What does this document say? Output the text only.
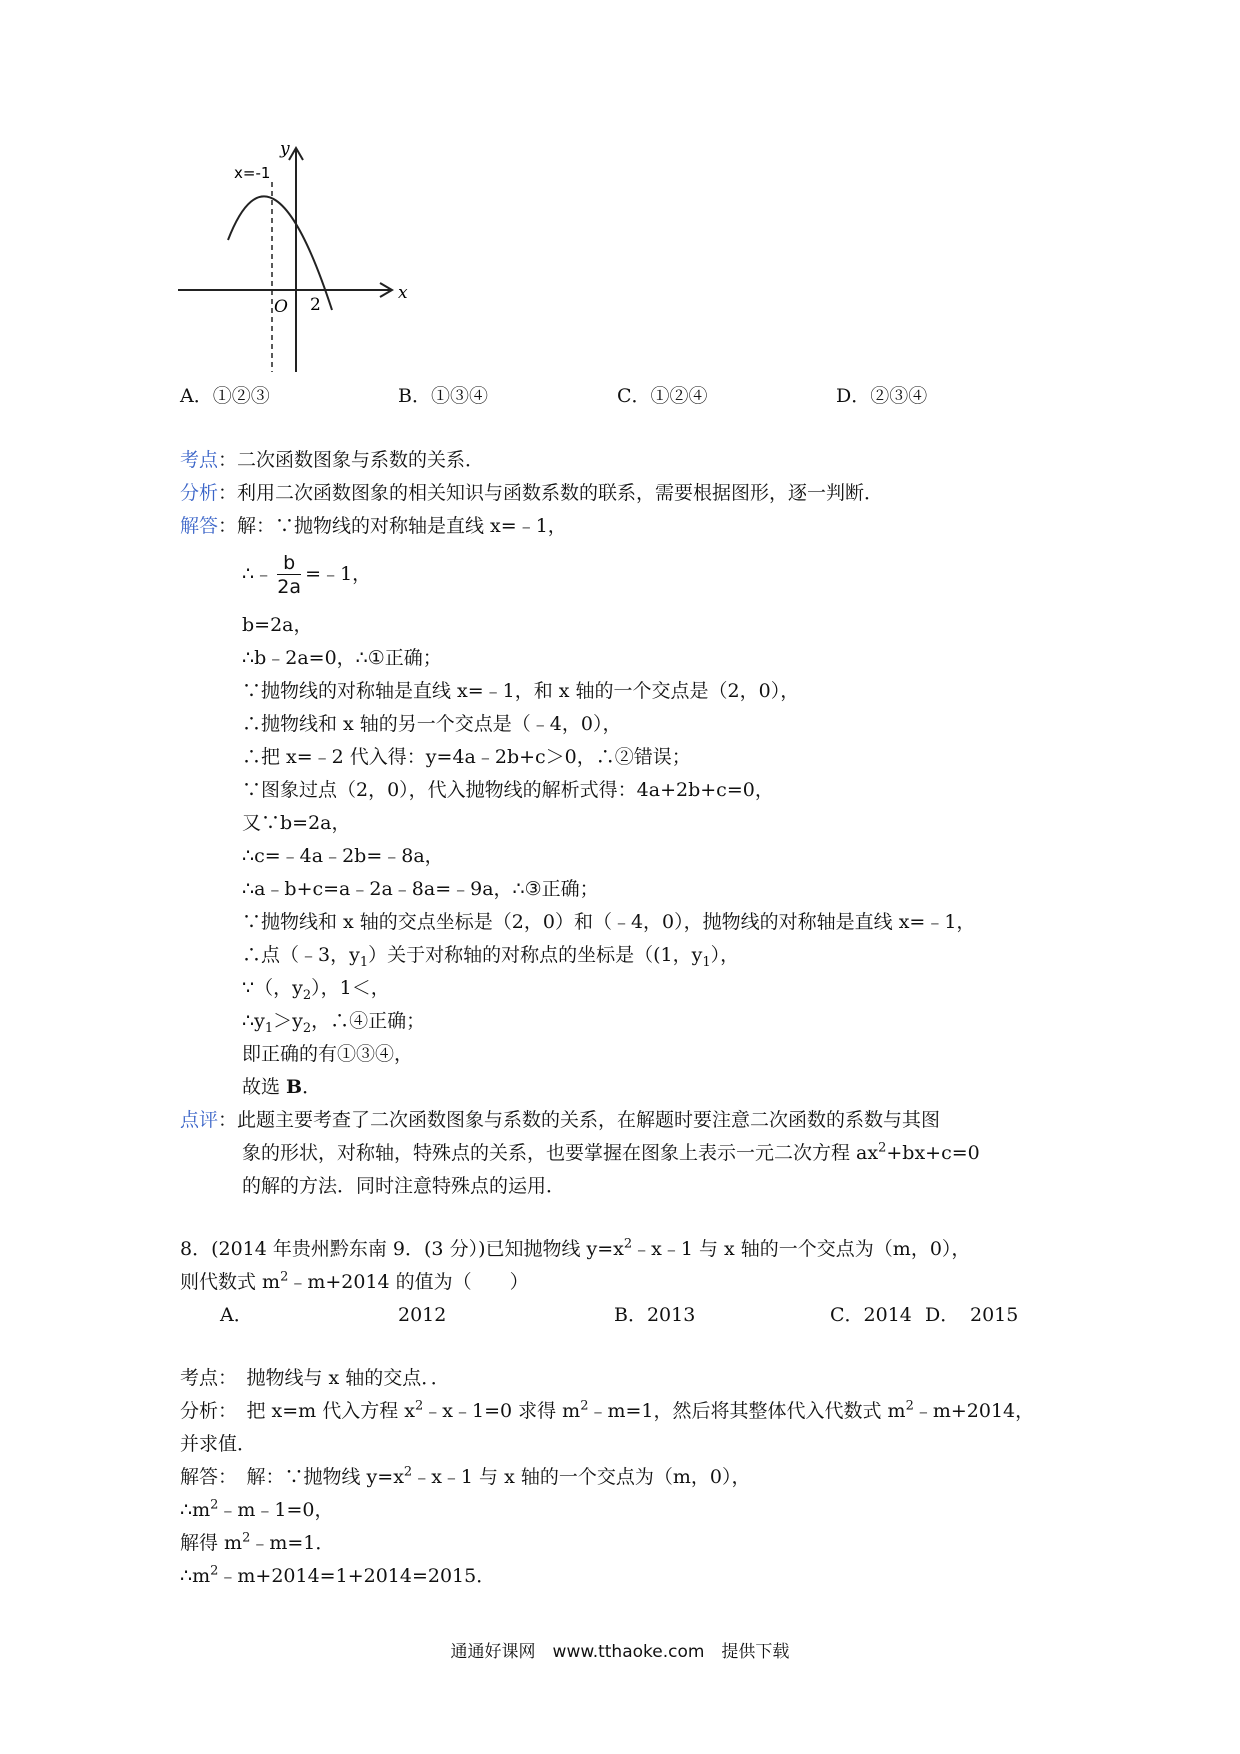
y
x
O 2
x=-1
A．①②③	B．①③④	C．①②④	D．②③④
考点：二次函数图象与系数的关系．
分析：利用二次函数图象的相关知识与函数系数的联系，需要根据图形，逐一判断．
解答：解：∵抛物线的对称轴是直线 x=﹣1，
∴﹣ $\frac{b}{2a}$ =﹣1，
b=2a，
∴b﹣2a=0，∴①正确；
∵抛物线的对称轴是直线 x=﹣1，和 x 轴的一个交点是（2，0），
∴抛物线和 x 轴的另一个交点是（﹣4，0），
∴把 x=﹣2 代入得：y=4a﹣2b+c＞0，∴②错误；
∵图象过点（2，0），代入抛物线的解析式得：4a+2b+c=0，
又∵b=2a，
∴c=﹣4a﹣2b=﹣8a，
∴a﹣b+c=a﹣2a﹣8a=﹣9a，∴③正确；
∵抛物线和 x 轴的交点坐标是（2，0）和（﹣4，0），抛物线的对称轴是直线 x=﹣1，
∴点（﹣3，$y_1$）关于对称轴的对称点的坐标是（(1，$y_1$），
∵（，$y_2$），1＜，
$\therefore y_1>y_2$，∴④正确；
即正确的有①③④，
故选 B．
点评：此题主要考查了二次函数图象与系数的关系，在解题时要注意二次函数的系数与其图
象的形状，对称轴，特殊点的关系，也要掌握在图象上表示一元二次方程 $ax^2+bx+c=0$
的解的方法．同时注意特殊点的运用．
8．(2014 年贵州黔东南 9．(3 分）)已知抛物线 $y=x^2﹣x﹣1$ 与 x 轴的一个交点为（m，0），
则代数式 $m^2﹣m+2014$ 的值为（　　）
A．	2012	B．2013	C．2014 D． 2015
考点：　抛物线与 x 轴的交点．．
分析：　把 x=m 代入方程 $x^2﹣x﹣1=0$ 求得 $m^2﹣m=1$，然后将其整体代入代数式 $m^2﹣m+2014$，
并求值．
解答：　解：∵抛物线 $y=x^2﹣x﹣1$ 与 x 轴的一个交点为（m，0），
$\therefore m^2﹣m﹣1=0$，
解得 $m^2﹣m=1$．
$\therefore m^2﹣m+2014=1+2014=2015$．
通通好课网　www.tthaoke.com　提供下载
